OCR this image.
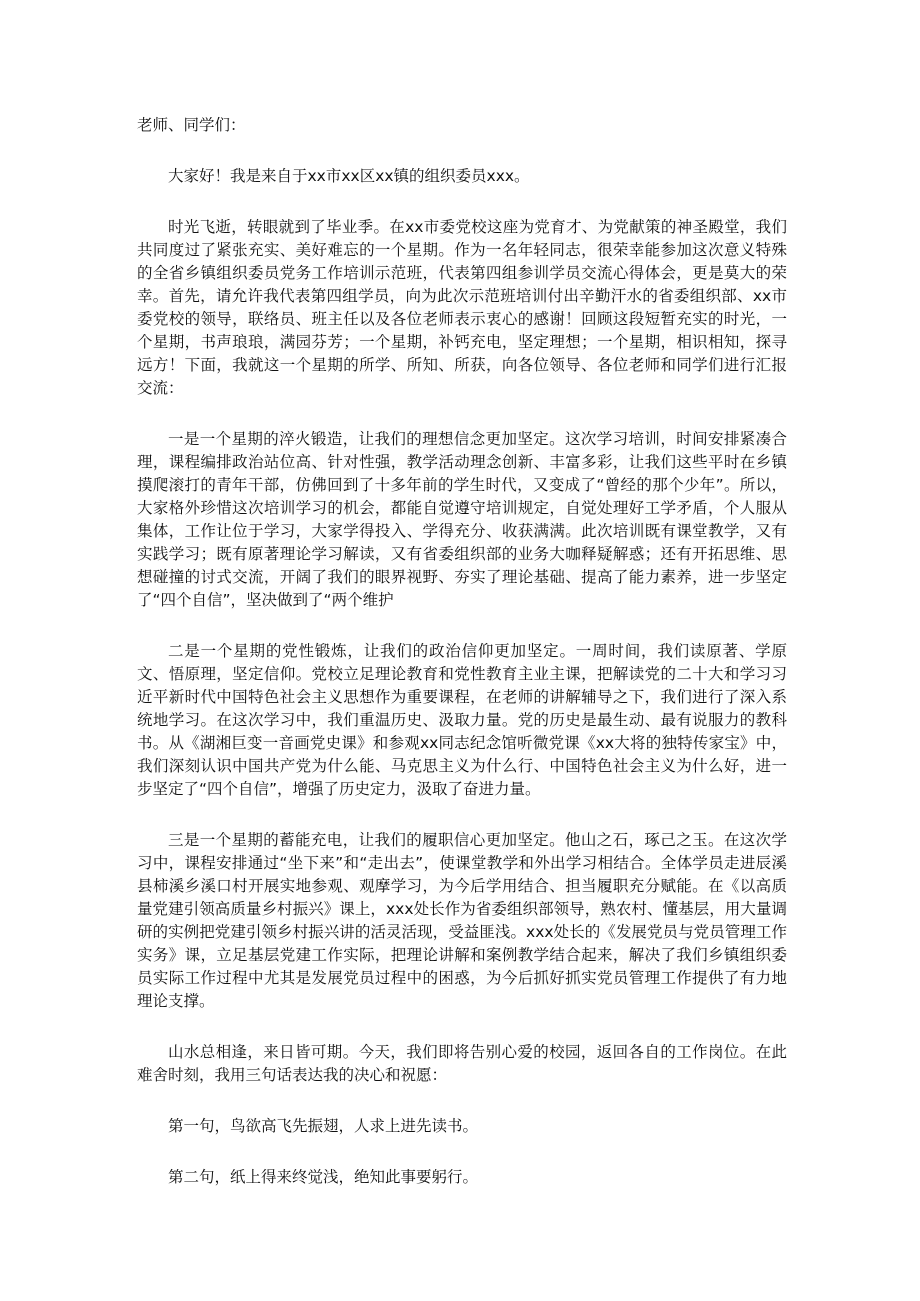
老师、同学们：

大家好！我是来自于xx市xx区xx镇的组织委员xxx。

时光飞逝，转眼就到了毕业季。在xx市委党校这座为党育才、为党献策的神圣殿堂，我们共同度过了紧张充实、美好难忘的一个星期。作为一名年轻同志，很荣幸能参加这次意义特殊的全省乡镇组织委员党务工作培训示范班，代表第四组参训学员交流心得体会，更是莫大的荣幸。首先，请允许我代表第四组学员，向为此次示范班培训付出辛勤汗水的省委组织部、xx市委党校的领导，联络员、班主任以及各位老师表示衷心的感谢！回顾这段短暂充实的时光，一个星期，书声琅琅，满园芬芳；一个星期，补钙充电，坚定理想；一个星期，相识相知，探寻远方！下面，我就这一个星期的所学、所知、所获，向各位领导、各位老师和同学们进行汇报交流：

一是一个星期的淬火锻造，让我们的理想信念更加坚定。这次学习培训，时间安排紧凑合理，课程编排政治站位高、针对性强，教学活动理念创新、丰富多彩，让我们这些平时在乡镇摸爬滚打的青年干部，仿佛回到了十多年前的学生时代，又变成了“曾经的那个少年”。所以，大家格外珍惜这次培训学习的机会，都能自觉遵守培训规定，自觉处理好工学矛盾，个人服从集体，工作让位于学习，大家学得投入、学得充分、收获满满。此次培训既有课堂教学，又有实践学习；既有原著理论学习解读，又有省委组织部的业务大咖释疑解惑；还有开拓思维、思想碰撞的讨式交流，开阔了我们的眼界视野、夯实了理论基础、提高了能力素养，进一步坚定了“四个自信”，坚决做到了“两个维护

二是一个星期的党性锻炼，让我们的政治信仰更加坚定。一周时间，我们读原著、学原文、悟原理，坚定信仰。党校立足理论教育和党性教育主业主课，把解读党的二十大和学习习近平新时代中国特色社会主义思想作为重要课程，在老师的讲解辅导之下，我们进行了深入系统地学习。在这次学习中，我们重温历史、汲取力量。党的历史是最生动、最有说服力的教科书。从《湖湘巨变一音画党史课》和参观xx同志纪念馆听微党课《xx大将的独特传家宝》中，我们深刻认识中国共产党为什么能、马克思主义为什么行、中国特色社会主义为什么好，进一步坚定了“四个自信”，增强了历史定力，汲取了奋进力量。

三是一个星期的蓄能充电，让我们的履职信心更加坚定。他山之石，琢己之玉。在这次学习中，课程安排通过“坐下来”和“走出去”，使课堂教学和外出学习相结合。全体学员走进辰溪县柿溪乡溪口村开展实地参观、观摩学习，为今后学用结合、担当履职充分赋能。在《以高质量党建引领高质量乡村振兴》课上，xxx处长作为省委组织部领导，熟农村、懂基层，用大量调研的实例把党建引领乡村振兴讲的活灵活现，受益匪浅。xxx处长的《发展党员与党员管理工作实务》课，立足基层党建工作实际，把理论讲解和案例教学结合起来，解决了我们乡镇组织委员实际工作过程中尤其是发展党员过程中的困惑，为今后抓好抓实党员管理工作提供了有力地理论支撑。

山水总相逢，来日皆可期。今天，我们即将告别心爱的校园，返回各自的工作岗位。在此难舍时刻，我用三句话表达我的决心和祝愿：

第一句，鸟欲高飞先振翅，人求上进先读书。

第二句，纸上得来终觉浅，绝知此事要躬行。
